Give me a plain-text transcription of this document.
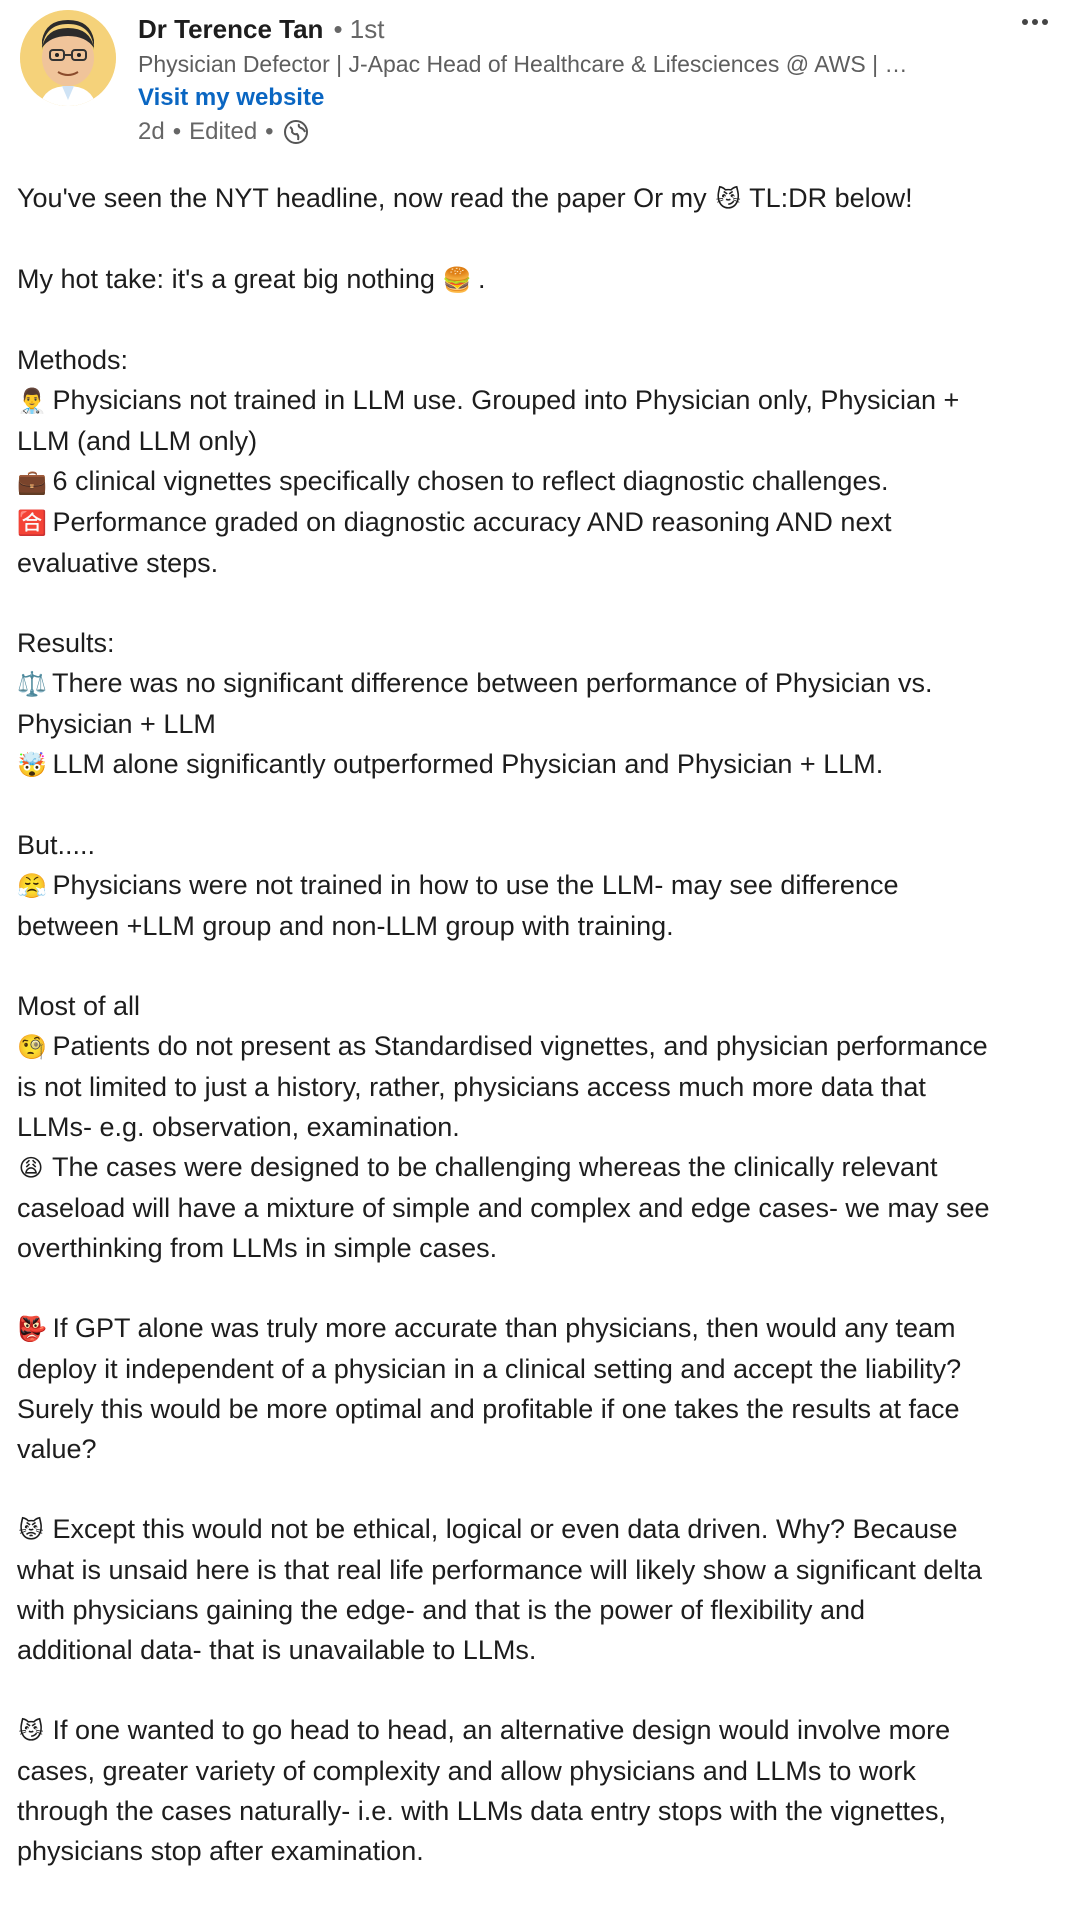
Dr Terence Tan • 1st
Physician Defector | J-Apac Head of Healthcare & Lifesciences @ AWS | …
Visit my website
2d • Edited •
You've seen the NYT headline, now read the paper Or my 😼 TL:DR below!
My hot take: it's a great big nothing 🍔 .
Methods:
👨‍⚕️ Physicians not trained in LLM use. Grouped into Physician only, Physician +
LLM (and LLM only)
💼 6 clinical vignettes specifically chosen to reflect diagnostic challenges.
🈴 Performance graded on diagnostic accuracy AND reasoning AND next
evaluative steps.
Results:
⚖️ There was no significant difference between performance of Physician vs.
Physician + LLM
🤯 LLM alone significantly outperformed Physician and Physician + LLM.
But.....
😤 Physicians were not trained in how to use the LLM- may see difference
between +LLM group and non-LLM group with training.
Most of all
🧐 Patients do not present as Standardised vignettes, and physician performance
is not limited to just a history, rather, physicians access much more data that
LLMs- e.g. observation, examination.
😩 The cases were designed to be challenging whereas the clinically relevant
caseload will have a mixture of simple and complex and edge cases- we may see
overthinking from LLMs in simple cases.
👺 If GPT alone was truly more accurate than physicians, then would any team
deploy it independent of a physician in a clinical setting and accept the liability?
Surely this would be more optimal and profitable if one takes the results at face
value?
😾 Except this would not be ethical, logical or even data driven. Why? Because
what is unsaid here is that real life performance will likely show a significant delta
with physicians gaining the edge- and that is the power of flexibility and
additional data- that is unavailable to LLMs.
😼 If one wanted to go head to head, an alternative design would involve more
cases, greater variety of complexity and allow physicians and LLMs to work
through the cases naturally- i.e. with LLMs data entry stops with the vignettes,
physicians stop after examination.
